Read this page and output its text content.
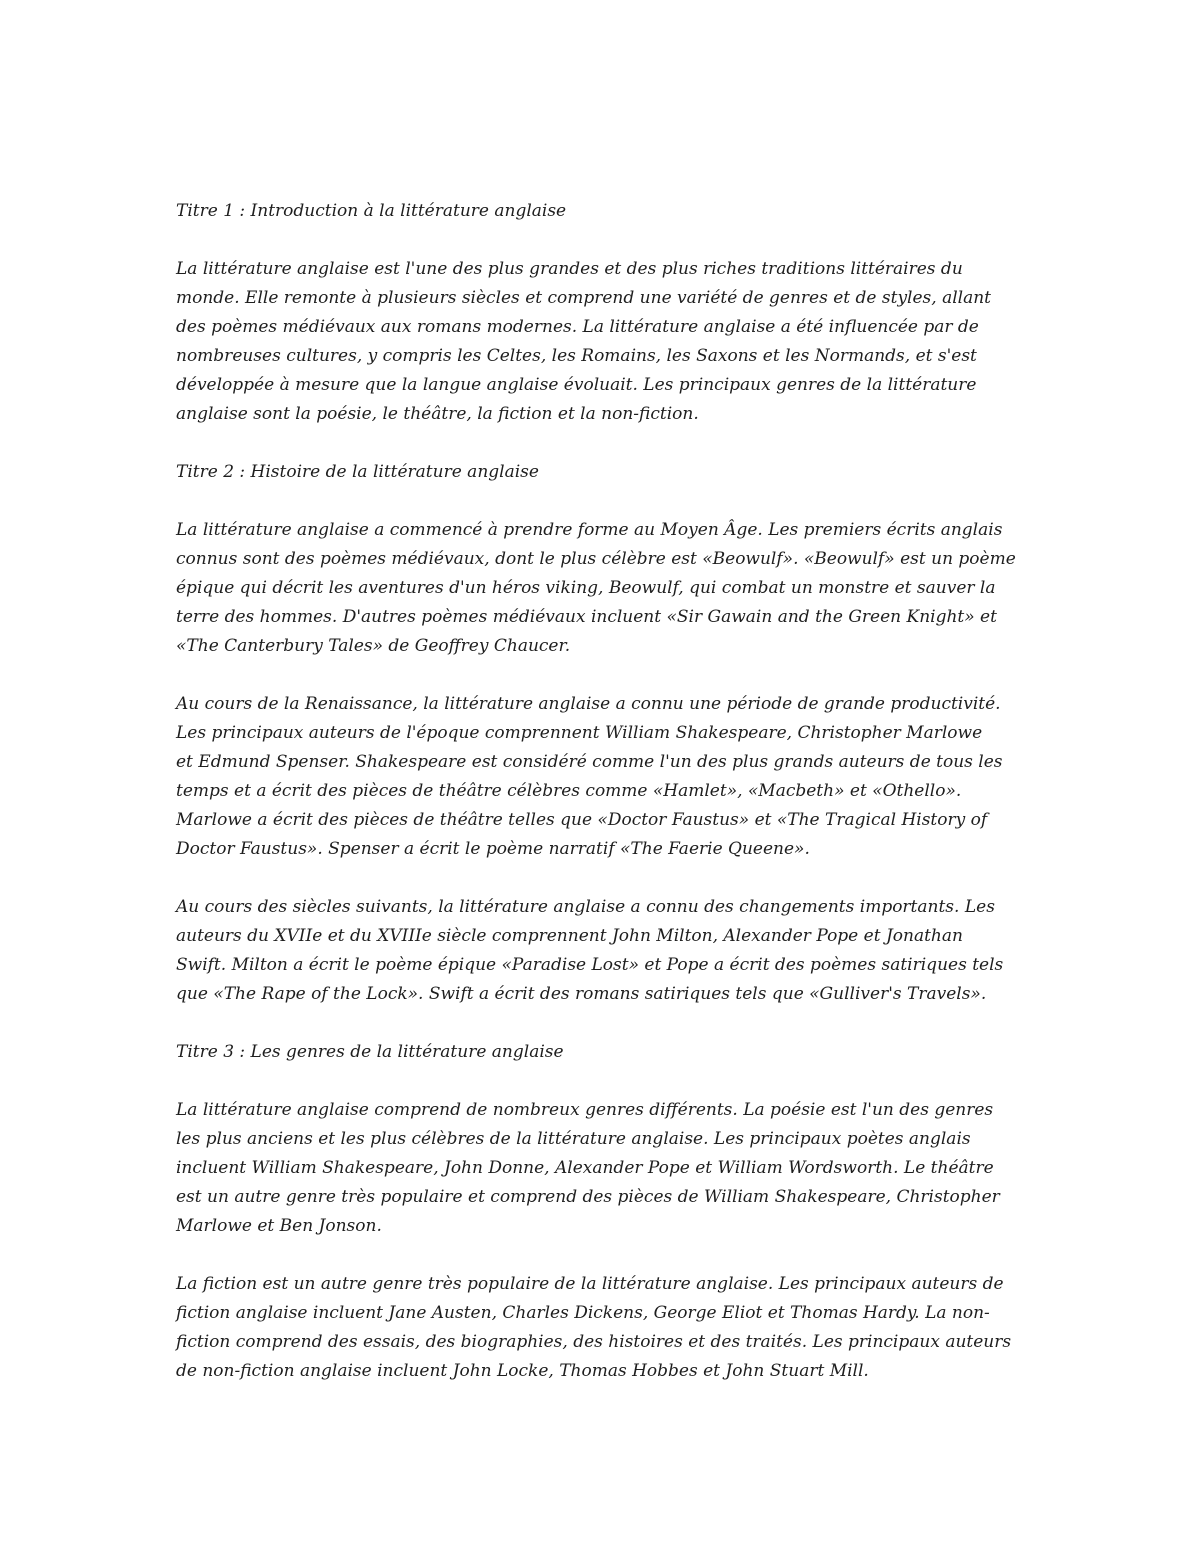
Titre 1 : Introduction à la littérature anglaise
La littérature anglaise est l'une des plus grandes et des plus riches traditions littéraires du
monde. Elle remonte à plusieurs siècles et comprend une variété de genres et de styles, allant
des poèmes médiévaux aux romans modernes. La littérature anglaise a été influencée par de
nombreuses cultures, y compris les Celtes, les Romains, les Saxons et les Normands, et s'est
développée à mesure que la langue anglaise évoluait. Les principaux genres de la littérature
anglaise sont la poésie, le théâtre, la fiction et la non-fiction.
Titre 2 : Histoire de la littérature anglaise
La littérature anglaise a commencé à prendre forme au Moyen Âge. Les premiers écrits anglais
connus sont des poèmes médiévaux, dont le plus célèbre est «Beowulf». «Beowulf» est un poème
épique qui décrit les aventures d'un héros viking, Beowulf, qui combat un monstre et sauver la
terre des hommes. D'autres poèmes médiévaux incluent «Sir Gawain and the Green Knight» et
«The Canterbury Tales» de Geoffrey Chaucer.
Au cours de la Renaissance, la littérature anglaise a connu une période de grande productivité.
Les principaux auteurs de l'époque comprennent William Shakespeare, Christopher Marlowe
et Edmund Spenser. Shakespeare est considéré comme l'un des plus grands auteurs de tous les
temps et a écrit des pièces de théâtre célèbres comme «Hamlet», «Macbeth» et «Othello».
Marlowe a écrit des pièces de théâtre telles que «Doctor Faustus» et «The Tragical History of
Doctor Faustus». Spenser a écrit le poème narratif «The Faerie Queene».
Au cours des siècles suivants, la littérature anglaise a connu des changements importants. Les
auteurs du XVIIe et du XVIIIe siècle comprennent John Milton, Alexander Pope et Jonathan
Swift. Milton a écrit le poème épique «Paradise Lost» et Pope a écrit des poèmes satiriques tels
que «The Rape of the Lock». Swift a écrit des romans satiriques tels que «Gulliver's Travels».
Titre 3 : Les genres de la littérature anglaise
La littérature anglaise comprend de nombreux genres différents. La poésie est l'un des genres
les plus anciens et les plus célèbres de la littérature anglaise. Les principaux poètes anglais
incluent William Shakespeare, John Donne, Alexander Pope et William Wordsworth. Le théâtre
est un autre genre très populaire et comprend des pièces de William Shakespeare, Christopher
Marlowe et Ben Jonson.
La fiction est un autre genre très populaire de la littérature anglaise. Les principaux auteurs de
fiction anglaise incluent Jane Austen, Charles Dickens, George Eliot et Thomas Hardy. La non-
fiction comprend des essais, des biographies, des histoires et des traités. Les principaux auteurs
de non-fiction anglaise incluent John Locke, Thomas Hobbes et John Stuart Mill.
